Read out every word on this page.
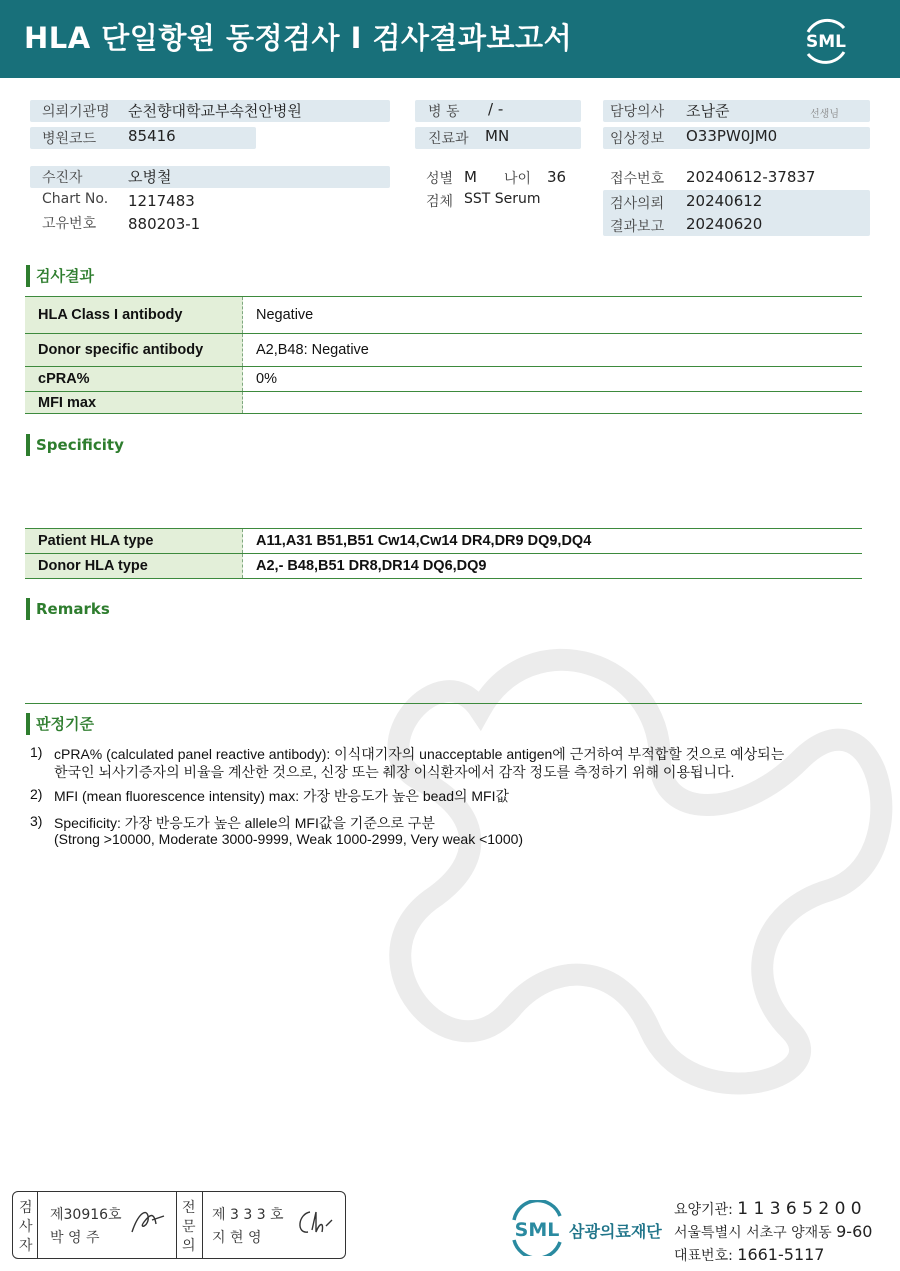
HLA 단일항원 동정검사 I 검사결과보고서	SML
의뢰기관명 순천향대학교부속천안병원
병원코드 85416
병 동 / -
진료과 MN
담당의사 조남준	선생님
임상정보 O33PW0JM0
수진자	오병철
Chart No. 1217483
고유번호 880203-1
성별 M 나이 36
검체 SST Serum
접수번호 20240612-37837
검사의뢰 20240612
결과보고 20240620
검사결과
HLA Class I antibody	Negative
Donor specific antibody	A2,B48: Negative
cPRA%	0%
MFI max	
Specificity
Patient HLA type	A11,A31 B51,B51 Cw14,Cw14 DR4,DR9 DQ9,DQ4
Donor HLA type	A2,- B48,B51 DR8,DR14 DQ6,DQ9
Remarks
판정기준
1) cPRA% (calculated panel reactive antibody): 이식대기자의 unacceptable antigen에 근거하여 부적합할 것으로 예상되는
한국인 뇌사기증자의 비율을 계산한 것으로, 신장 또는 췌장 이식환자에서 감작 정도를 측정하기 위해 이용됩니다.
2) MFI (mean fluorescence intensity) max: 가장 반응도가 높은 bead의 MFI값
3) Specificity: 가장 반응도가 높은 allele의 MFI값을 기준으로 구분
(Strong >10000, Moderate 3000-9999, Weak 1000-2999, Very weak <1000)
검
사
자
제30916호
박 영 주
전
문
의
제 3 3 3 호
지 현 영	SML 삼광의료재단
요양기관: 1 1 3 6 5 2 0 0
서울특별시 서초구 양재동 9-60
대표번호: 1661-5117
